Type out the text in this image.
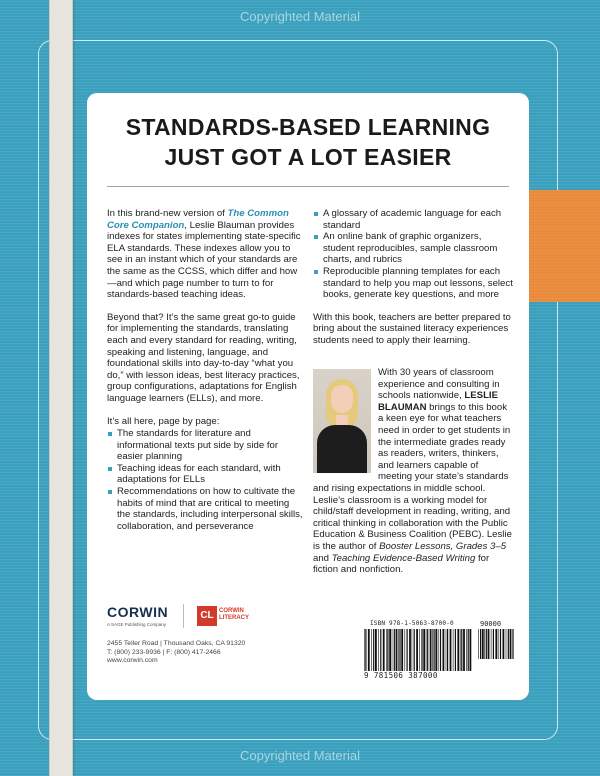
Copyrighted Material
STANDARDS-BASED LEARNING
JUST GOT A LOT EASIER

In this brand-new version of The Common Core Companion, Leslie Blauman provides indexes for states implementing state-specific ELA standards. These indexes allow you to see in an instant which of your standards are the same as the CCSS, which differ and how—and which page number to turn to for standards-based teaching ideas.

Beyond that? It’s the same great go-to guide for implementing the standards, translating each and every standard for reading, writing, speaking and listening, language, and foundational skills into day-to-day “what you do,” with lesson ideas, best literacy practices, group configurations, adaptations for English language learners (ELLs), and more.

It’s all here, page by page:

The standards for literature and informational texts put side by side for easier planning
Teaching ideas for each standard, with adaptations for ELLs
Recommendations on how to cultivate the habits of mind that are critical to meeting the standards, including interpersonal skills, collaboration, and perseverance
A glossary of academic language for each standard
An online bank of graphic organizers, student reproducibles, sample classroom charts, and rubrics
Reproducible planning templates for each standard to help you map out lessons, select books, generate key questions, and more

With this book, teachers are better prepared to bring about the sustained literacy experiences students need to apply their learning.

With 30 years of classroom experience and consulting in schools nationwide, LESLIE BLAUMAN brings to this book a keen eye for what teachers need in order to get students in the intermediate grades ready as readers, writers, thinkers, and learners capable of meeting your state’s standards and rising expectations in middle school. Leslie’s classroom is a working model for child/staff development in reading, writing, and critical thinking in collaboration with the Public Education & Business Coalition (PEBC). Leslie is the author of Booster Lessons, Grades 3–5 and Teaching Evidence-Based Writing for fiction and nonfiction.
CORWIN
A SAGE Publishing Company
CL CORWIN
LITERACY
2455 Teller Road | Thousand Oaks, CA 91320
T: (800) 233-9936 | F: (800) 417-2466
www.corwin.com
ISBN 978-1-5063-8700-0	90000
9 781506 387000
Copyrighted Material
